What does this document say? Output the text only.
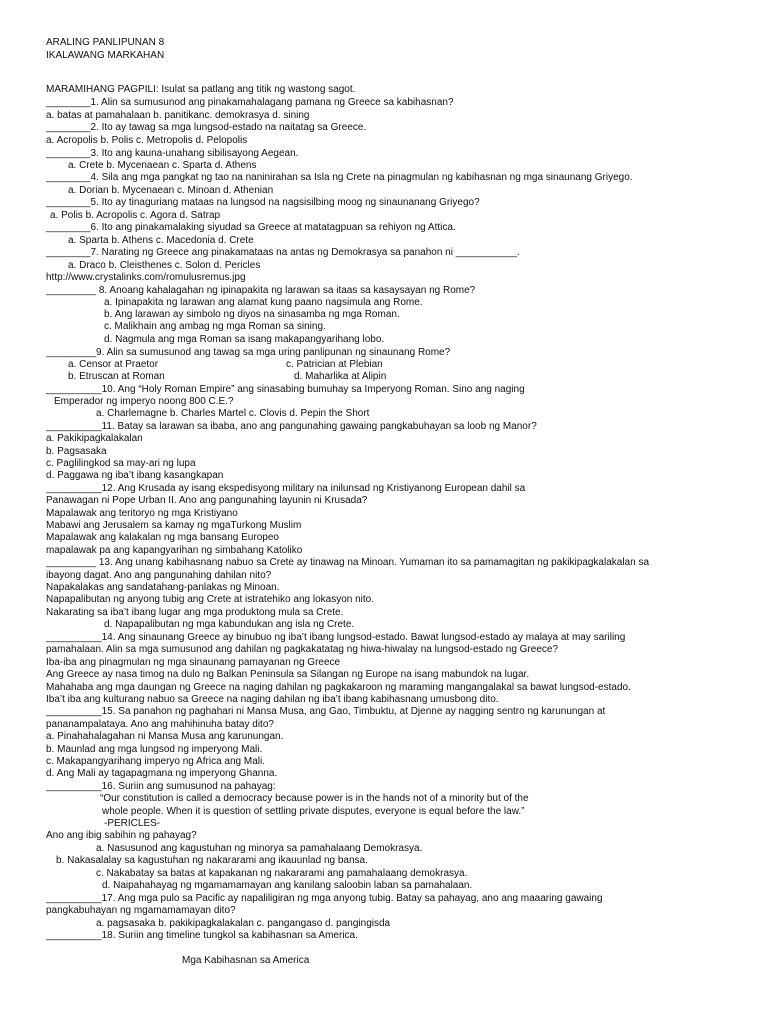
ARALING PANLIPUNAN 8
IKALAWANG MARKAHAN
MARAMIHANG PAGPILI: Isulat sa patlang ang titik ng wastong sagot.
________1. Alin sa sumusunod ang pinakamahalagang pamana ng Greece sa kabihasnan?
a. batas at pamahalaan b. panitikanc. demokrasya d. sining
________2. Ito ay tawag sa mga lungsod-estado na naitatag sa Greece.
a. Acropolis b. Polis c. Metropolis d. Pelopolis
________3. Ito ang kauna-unahang sibilisayong Aegean.
a. Crete b. Mycenaean c. Sparta d. Athens
________4. Sila ang mga pangkat ng tao na naninirahan sa Isla ng Crete na pinagmulan ng kabihasnan ng mga sinaunang Griyego.
a. Dorian b. Mycenaean c. Minoan d. Athenian
________5. Ito ay tinaguriang mataas na lungsod na nagsisilbing moog ng sinaunanang Griyego?
a. Polis b. Acropolis c. Agora d. Satrap
________6. Ito ang pinakamalaking siyudad sa Greece at matatagpuan sa rehiyon ng Attica.
a. Sparta b. Athens c. Macedonia d. Crete
________7. Narating ng Greece ang pinakamataas na antas ng Demokrasya sa panahon ni ___________.
a. Draco b. Cleisthenes c. Solon d. Pericles
http://www.crystalinks.com/romulusremus.jpg
_________ 8. Anoang kahalagahan ng ipinapakita ng larawan sa itaas sa kasaysayan ng Rome?
a. Ipinapakita ng larawan ang alamat kung paano nagsimula ang Rome.
b. Ang larawan ay simbolo ng diyos na sinasamba ng mga Roman.
c. Malikhain ang ambag ng mga Roman sa sining.
d. Nagmula ang mga Roman sa isang makapangyarihang lobo.
_________9. Alin sa sumusunod ang tawag sa mga uring panlipunan ng sinaunang Rome?
a. Censor at Praetor	c. Patrician at Plebian
b. Etruscan at Roman	d. Maharlika at Alipin
__________10. Ang “Holy Roman Empire” ang sinasabing bumuhay sa Imperyong Roman. Sino ang naging
Emperador ng imperyo noong 800 C.E.?
a. Charlemagne b. Charles Martel c. Clovis d. Pepin the Short
__________11. Batay sa larawan sa ibaba, ano ang pangunahing gawaing pangkabuhayan sa loob ng Manor?
a. Pakikipagkalakalan
b. Pagsasaka
c. Paglilingkod sa may-ari ng lupa
d. Paggawa ng iba’t ibang kasangkapan
__________12. Ang Krusada ay isang ekspedisyong military na inilunsad ng Kristiyanong European dahil sa
Panawagan ni Pope Urban II. Ano ang pangunahing layunin ni Krusada?
Mapalawak ang teritoryo ng mga Kristiyano
Mabawi ang Jerusalem sa kamay ng mgaTurkong Muslim
Mapalawak ang kalakalan ng mga bansang Europeo
mapalawak pa ang kapangyarihan ng simbahang Katoliko
_________ 13. Ang unang kabihasnang nabuo sa Crete ay tinawag na Minoan. Yumaman ito sa pamamagitan ng pakikipagkalakalan sa
ibayong dagat. Ano ang pangunahing dahilan nito?
Napakalakas ang sandatahang-panlakas ng Minoan.
Napapalibutan ng anyong tubig ang Crete at istratehiko ang lokasyon nito.
Nakarating sa iba’t ibang lugar ang mga produktong mula sa Crete.
d. Napapalibutan ng mga kabundukan ang isla ng Crete.
__________14. Ang sinaunang Greece ay binubuo ng iba’t ibang lungsod-estado. Bawat lungsod-estado ay malaya at may sariling
pamahalaan. Alin sa mga sumusunod ang dahilan ng pagkakatatag ng hiwa-hiwalay na lungsod-estado ng Greece?
Iba-iba ang pinagmulan ng mga sinaunang pamayanan ng Greece
Ang Greece ay nasa timog na dulo ng Balkan Peninsula sa Silangan ng Europe na isang mabundok na lugar.
Mahahaba ang mga daungan ng Greece na naging dahilan ng pagkakaroon ng maraming mangangalakal sa bawat lungsod-estado.
Iba’t iba ang kulturang nabuo sa Greece na naging dahilan ng iba’t ibang kabihasnang umusbong dito.
__________15. Sa panahon ng paghahari ni Mansa Musa, ang Gao, Timbuktu, at Djenne ay nagging sentro ng karunungan at
pananampalataya. Ano ang mahihinuha batay dito?
a. Pinahahalagahan ni Mansa Musa ang karunungan.
b. Maunlad ang mga lungsod ng imperyong Mali.
c. Makapangyarihang imperyo ng Africa ang Mali.
d. Ang Mali ay tagapagmana ng imperyong Ghanna.
__________16. Suriin ang sumusunod na pahayag:
“Our constitution is called a democracy because power is in the hands not of a minority but of the
whole people. When it is question of settling private disputes, everyone is equal before the law.”
-PERICLES-
Ano ang ibig sabihin ng pahayag?
a. Nasusunod ang kagustuhan ng minorya sa pamahalaang Demokrasya.
b. Nakasalalay sa kagustuhan ng nakararami ang ikauunlad ng bansa.
c. Nakabatay sa batas at kapakanan ng nakararami ang pamahalaang demokrasya.
d. Naipahahayag ng mgamamamayan ang kanilang saloobin laban sa pamahalaan.
__________17. Ang mga pulo sa Pacific ay napaliligiran ng mga anyong tubig. Batay sa pahayag, ano ang maaaring gawaing
pangkabuhayan ng mgamamamayan dito?
a. pagsasaka b. pakikipagkalakalan c. pangangaso d. pangingisda
__________18. Suriin ang timeline tungkol sa kabihasnan sa America.
Mga Kabihasnan sa America
